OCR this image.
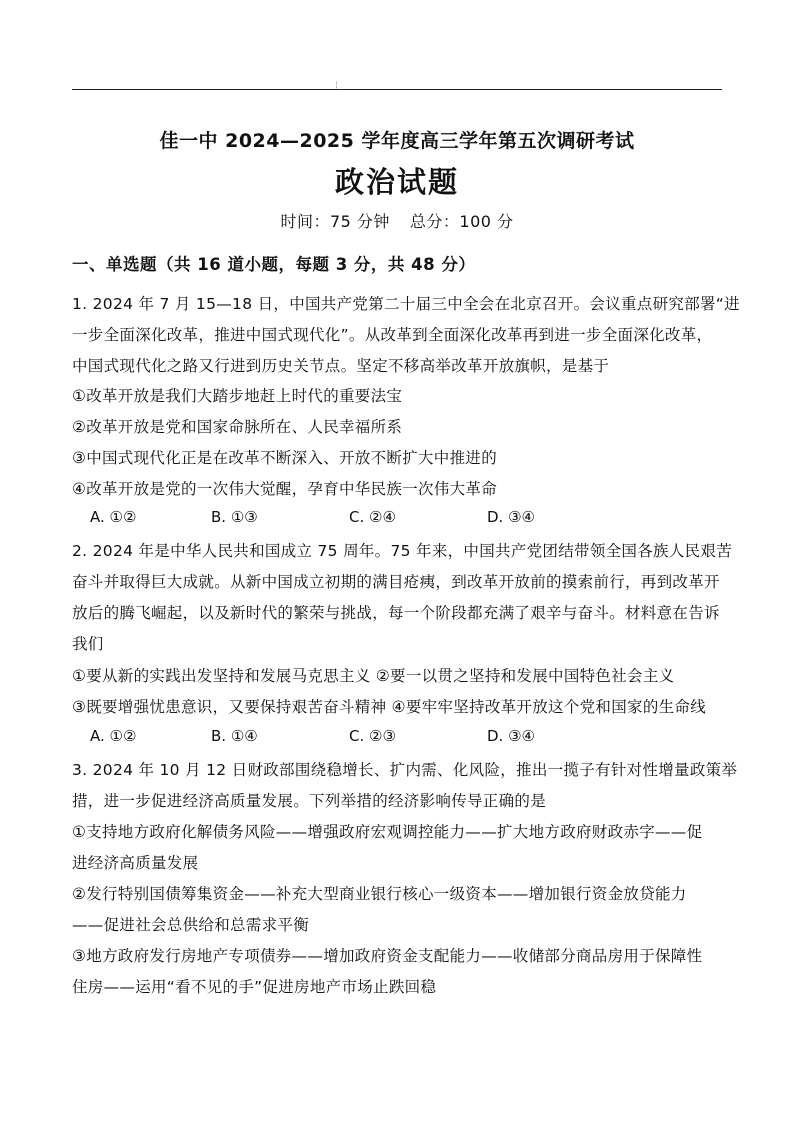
¦
佳一中 2024—2025 学年度高三学年第五次调研考试
政治试题
时间：75 分钟 总分：100 分
一、单选题（共 16 道小题，每题 3 分，共 48 分）
1. 2024 年 7 月 15—18 日，中国共产党第二十届三中全会在北京召开。会议重点研究部署“进
一步全面深化改革，推进中国式现代化”。从改革到全面深化改革再到进一步全面深化改革，
中国式现代化之路又行进到历史关节点。坚定不移高举改革开放旗帜，是基于
①改革开放是我们大踏步地赶上时代的重要法宝
②改革开放是党和国家命脉所在、人民幸福所系
③中国式现代化正是在改革不断深入、开放不断扩大中推进的
④改革开放是党的一次伟大觉醒，孕育中华民族一次伟大革命
A. ①②	B. ①③	C. ②④	D. ③④
2. 2024 年是中华人民共和国成立 75 周年。75 年来，中国共产党团结带领全国各族人民艰苦
奋斗并取得巨大成就。从新中国成立初期的满目疮痍，到改革开放前的摸索前行，再到改革开
放后的腾飞崛起，以及新时代的繁荣与挑战，每一个阶段都充满了艰辛与奋斗。材料意在告诉
我们
①要从新的实践出发坚持和发展马克思主义 ②要一以贯之坚持和发展中国特色社会主义
③既要增强忧患意识，又要保持艰苦奋斗精神 ④要牢牢坚持改革开放这个党和国家的生命线
A. ①②	B. ①④	C. ②③	D. ③④
3. 2024 年 10 月 12 日财政部围绕稳增长、扩内需、化风险，推出一揽子有针对性增量政策举
措，进一步促进经济高质量发展。下列举措的经济影响传导正确的是
①支持地方政府化解债务风险——增强政府宏观调控能力——扩大地方政府财政赤字——促
进经济高质量发展
②发行特别国债筹集资金——补充大型商业银行核心一级资本——增加银行资金放贷能力
——促进社会总供给和总需求平衡
③地方政府发行房地产专项债券——增加政府资金支配能力——收储部分商品房用于保障性
住房——运用“看不见的手”促进房地产市场止跌回稳
